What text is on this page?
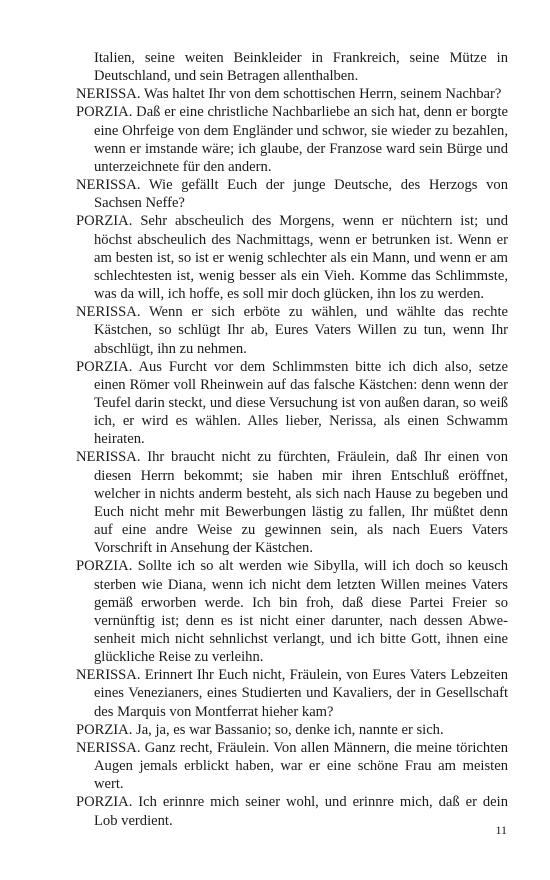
Italien, seine weiten Beinkleider in Frankreich, seine Mütze in Deutschland, und sein Betragen allenthalben.

NERISSA. Was haltet Ihr von dem schottischen Herrn, seinem Nachbar?

PORZIA. Daß er eine christliche Nachbarliebe an sich hat, denn er borgte eine Ohrfeige von dem Engländer und schwor, sie wieder zu bezahlen, wenn er imstande wäre; ich glaube, der Franzose ward sein Bürge und unterzeichnete für den andern.

NERISSA. Wie gefällt Euch der junge Deutsche, des Herzogs von Sachsen Neffe?

PORZIA. Sehr abscheulich des Morgens, wenn er nüchtern ist; und höchst abscheulich des Nachmittags, wenn er betrunken ist. Wenn er am besten ist, so ist er wenig schlechter als ein Mann, und wenn er am schlechtesten ist, wenig besser als ein Vieh. Komme das Schlimmste, was da will, ich hoffe, es soll mir doch glücken, ihn los zu werden.

NERISSA. Wenn er sich erböte zu wählen, und wählte das rechte Kästchen, so schlügt Ihr ab, Eures Vaters Willen zu tun, wenn Ihr abschlügt, ihn zu nehmen.

PORZIA. Aus Furcht vor dem Schlimmsten bitte ich dich also, setze einen Römer voll Rheinwein auf das falsche Kästchen: denn wenn der Teufel darin steckt, und diese Versuchung ist von außen daran, so weiß ich, er wird es wählen. Alles lieber, Nerissa, als einen Schwamm heiraten.

NERISSA. Ihr braucht nicht zu fürchten, Fräulein, daß Ihr einen von diesen Herrn bekommt; sie haben mir ihren Entschluß eröffnet, welcher in nichts anderm besteht, als sich nach Hause zu begeben und Euch nicht mehr mit Bewerbungen lästig zu fallen, Ihr müßtet denn auf eine andre Weise zu gewinnen sein, als nach Euers Vaters Vorschrift in Ansehung der Kästchen.

PORZIA. Sollte ich so alt werden wie Sibylla, will ich doch so keusch sterben wie Diana, wenn ich nicht dem letzten Willen meines Vaters gemäß erworben werde. Ich bin froh, daß diese Partei Freier so vernünftig ist; denn es ist nicht einer darunter, nach dessen Abwesenheit mich nicht sehnlichst verlangt, und ich bitte Gott, ihnen eine glückliche Reise zu verleihn.

NERISSA. Erinnert Ihr Euch nicht, Fräulein, von Eures Vaters Lebzeiten eines Venezianers, eines Studierten und Kavaliers, der in Gesellschaft des Marquis von Montferrat hieher kam?

PORZIA. Ja, ja, es war Bassanio; so, denke ich, nannte er sich.

NERISSA. Ganz recht, Fräulein. Von allen Männern, die meine törichten Augen jemals erblickt haben, war er eine schöne Frau am meisten wert.

PORZIA. Ich erinnre mich seiner wohl, und erinnre mich, daß er dein Lob verdient.

11
